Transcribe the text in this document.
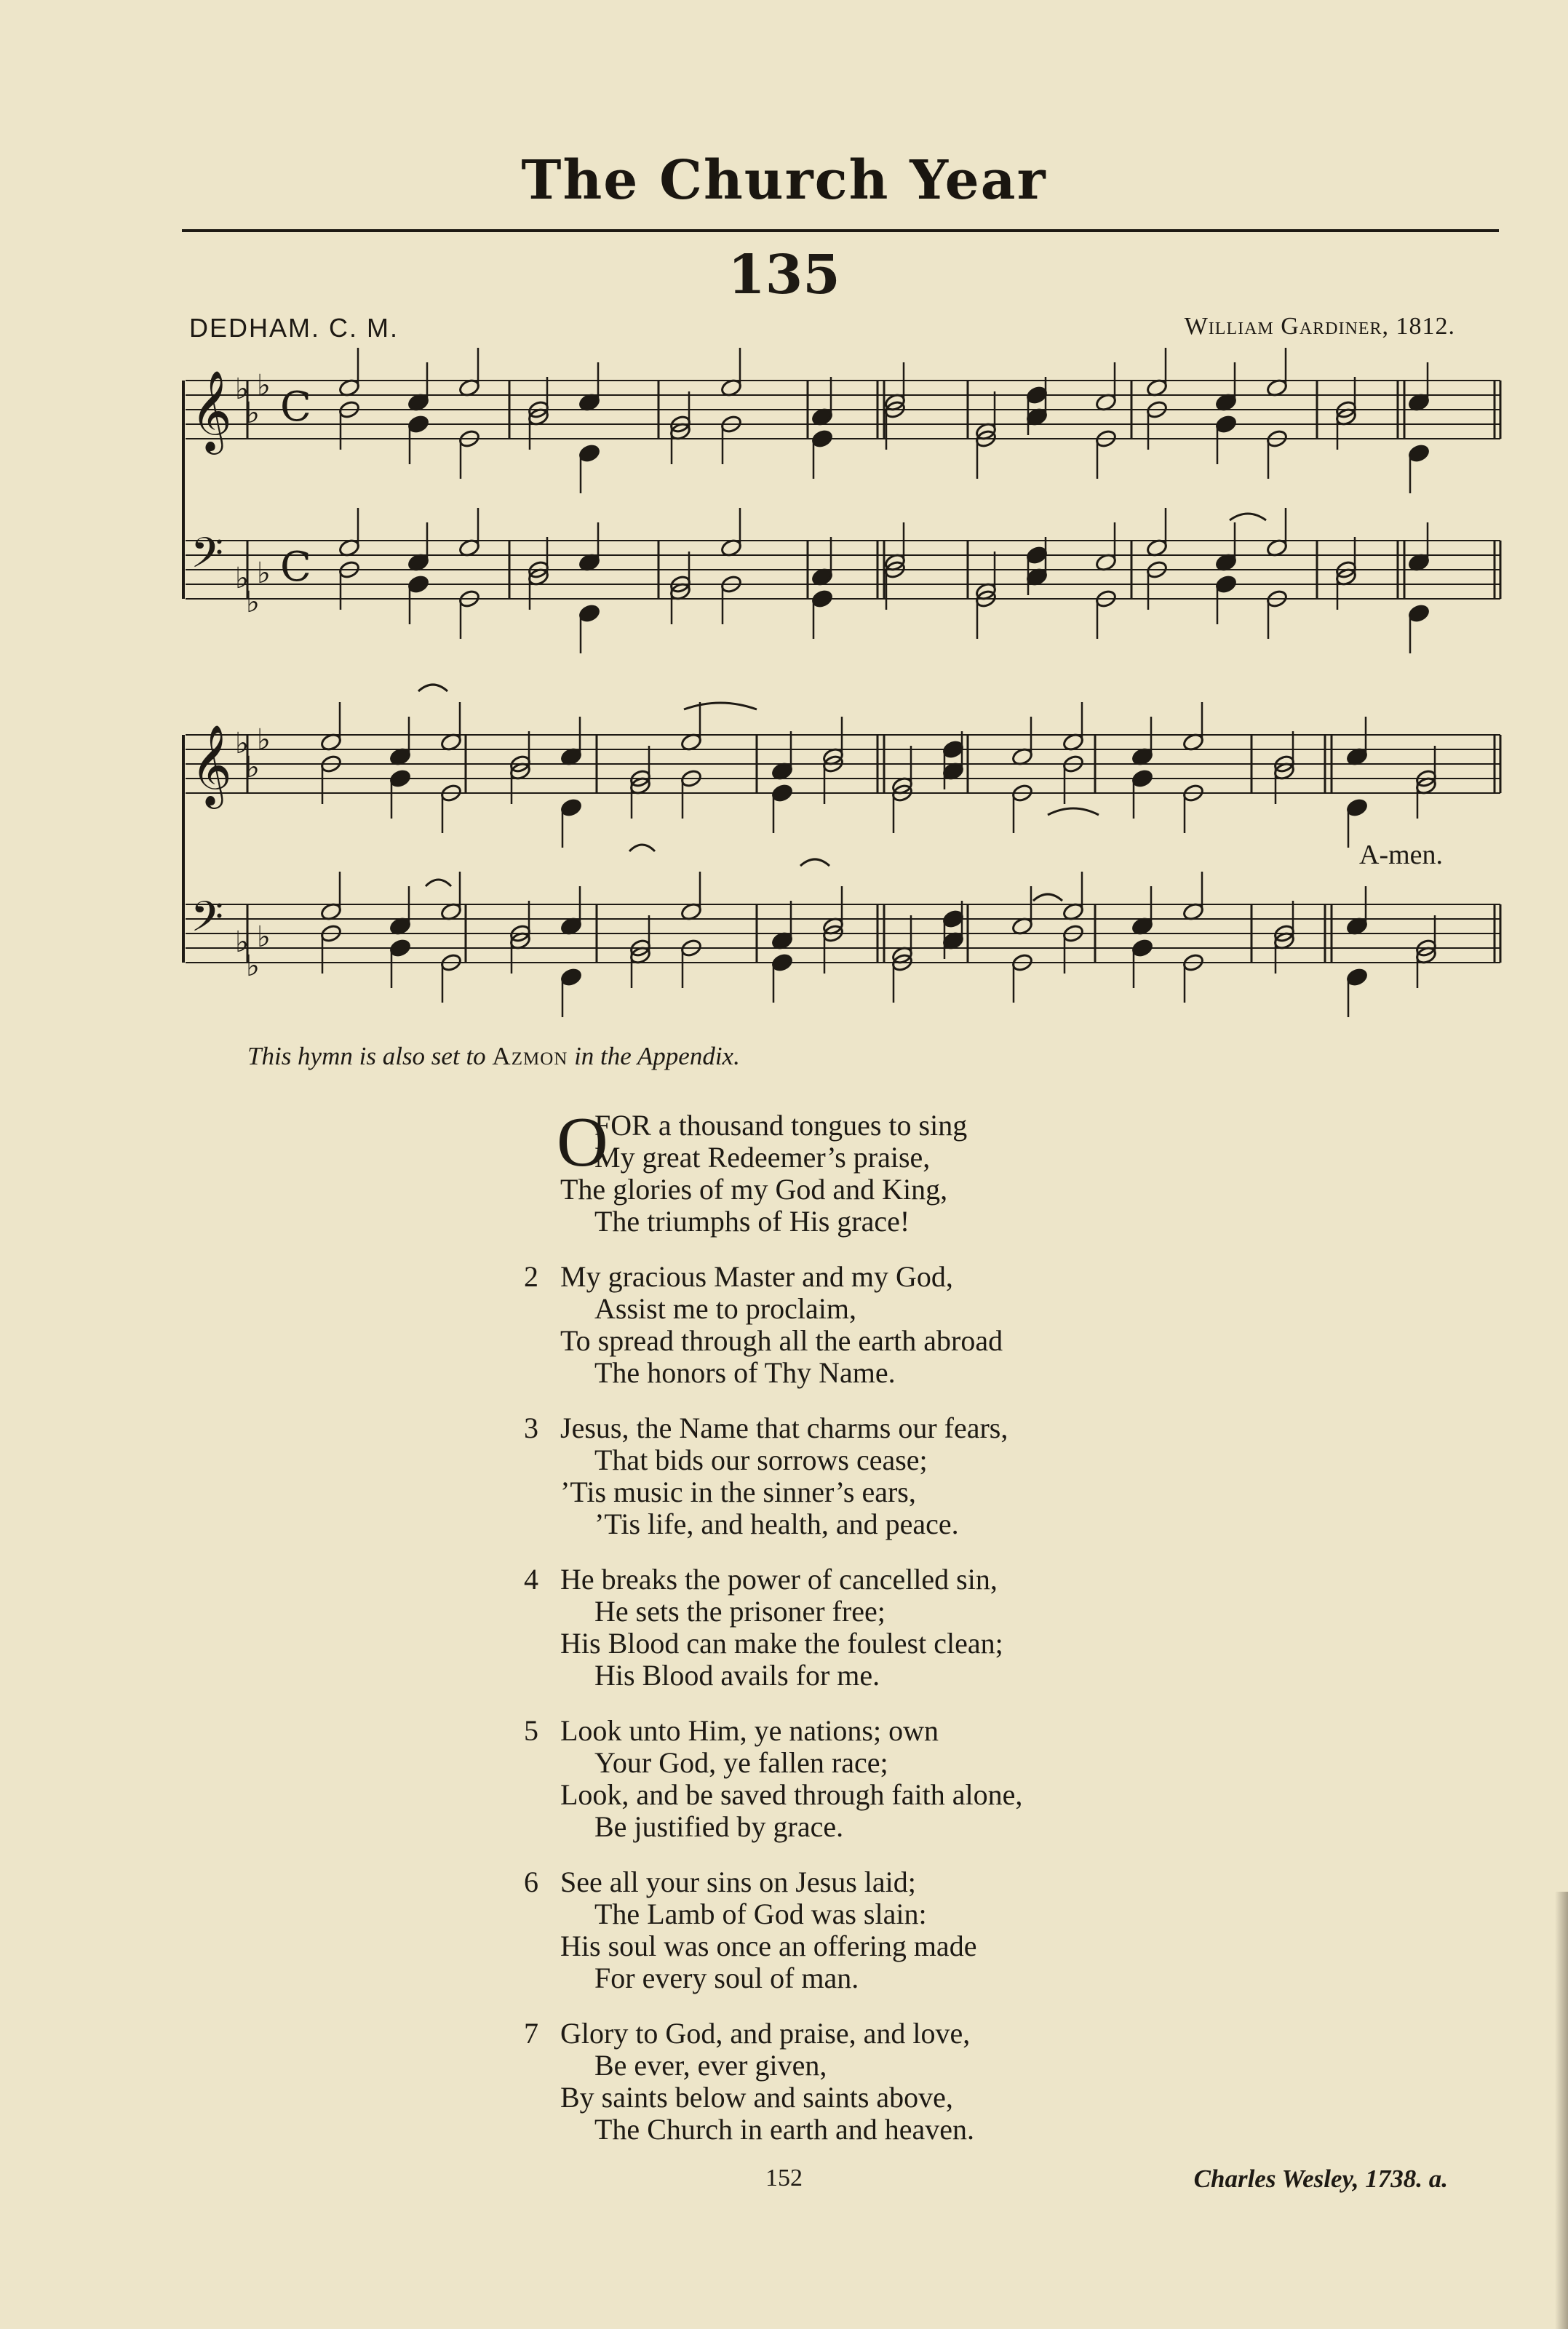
The Church Year
135
DEDHAM. C. M.	William Gardiner, 1812.
𝄞 ♭
♭
♭ C
𝄢 ♭
♭
♭ C
𝄞 ♭
♭
♭
𝄢 ♭
♭
♭
A-men.
This hymn is also set to Azmon in the Appendix.
O
FOR a thousand tongues to sing
My great Redeemer’s praise,
The glories of my God and King,
The triumphs of His grace!
2 My gracious Master and my God,
Assist me to proclaim,
To spread through all the earth abroad
The honors of Thy Name.
3 Jesus, the Name that charms our fears,
That bids our sorrows cease;
’Tis music in the sinner’s ears,
’Tis life, and health, and peace.
4 He breaks the power of cancelled sin,
He sets the prisoner free;
His Blood can make the foulest clean;
His Blood avails for me.
5 Look unto Him, ye nations; own
Your God, ye fallen race;
Look, and be saved through faith alone,
Be justified by grace.
6 See all your sins on Jesus laid;
The Lamb of God was slain:
His soul was once an offering made
For every soul of man.
7 Glory to God, and praise, and love,
Be ever, ever given,
By saints below and saints above,
The Church in earth and heaven.
152	Charles Wesley, 1738. a.
